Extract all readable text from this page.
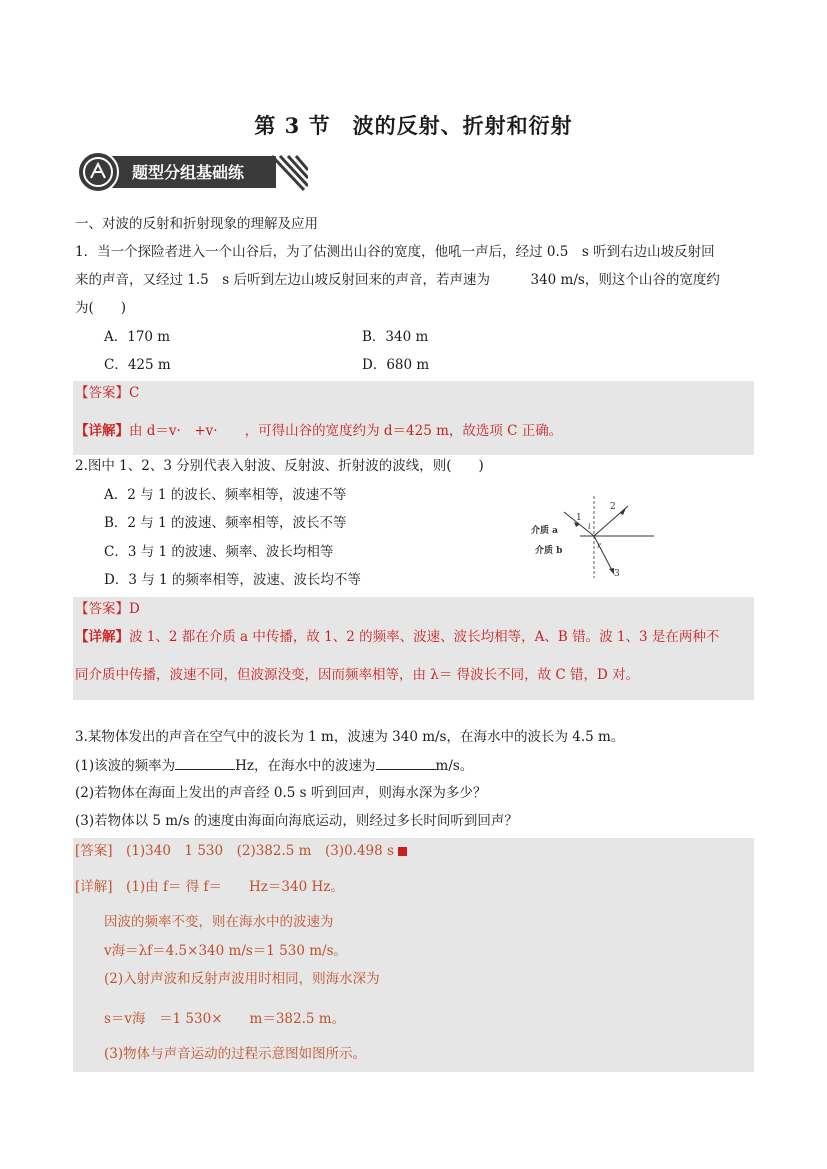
第 3 节　波的反射、折射和衍射
题型分组基础练
一、对波的反射和折射现象的理解及应用
1．当一个探险者进入一个山谷后，为了估测出山谷的宽度，他吼一声后，经过 0.5　s 听到右边山坡反射回
来的声音，又经过 1.5　s 后听到左边山坡反射回来的声音，若声速为　　　340 m/s，则这个山谷的宽度约
为(　　)
A．170 m	B．340 m
C．425 m	D．680 m
【答案】C
【详解】由 d＝v·　+v·　　，可得山谷的宽度约为 d＝425 m，故选项 C 正确。
2.图中 1、2、3 分别代表入射波、反射波、折射波的波线，则(　　)
A．2 与 1 的波长、频率相等，波速不等
B．2 与 1 的波速、频率相等，波长不等
C．3 与 1 的波速、频率、波长均相等
D．3 与 1 的频率相等，波速、波长均不等
介质 a
介质 b
1
2
3
i
r
【答案】D
【详解】波 1、2 都在介质 a 中传播，故 1、2 的频率、波速、波长均相等，A、B 错。波 1、3 是在两种不
同介质中传播，波速不同，但波源没变，因而频率相等，由 λ＝ 得波长不同，故 C 错，D 对。
3.某物体发出的声音在空气中的波长为 1 m，波速为 340 m/s，在海水中的波长为 4.5 m。
(1)该波的频率为	Hz，在海水中的波速为	m/s。
(2)若物体在海面上发出的声音经 0.5 s 听到回声，则海水深为多少？
(3)若物体以 5 m/s 的速度由海面向海底运动，则经过多长时间听到回声？
[答案]　 (1)340　1 530　(2)382.5 m　(3)0.498 s
[详解]　 (1)由 f＝ 得 f＝　　Hz＝340 Hz。
因波的频率不变，则在海水中的波速为
v海＝λf＝4.5×340 m/s＝1 530 m/s。
(2)入射声波和反射声波用时相同，则海水深为
s＝v海　＝1 530×　　m＝382.5 m。
(3)物体与声音运动的过程示意图如图所示。
